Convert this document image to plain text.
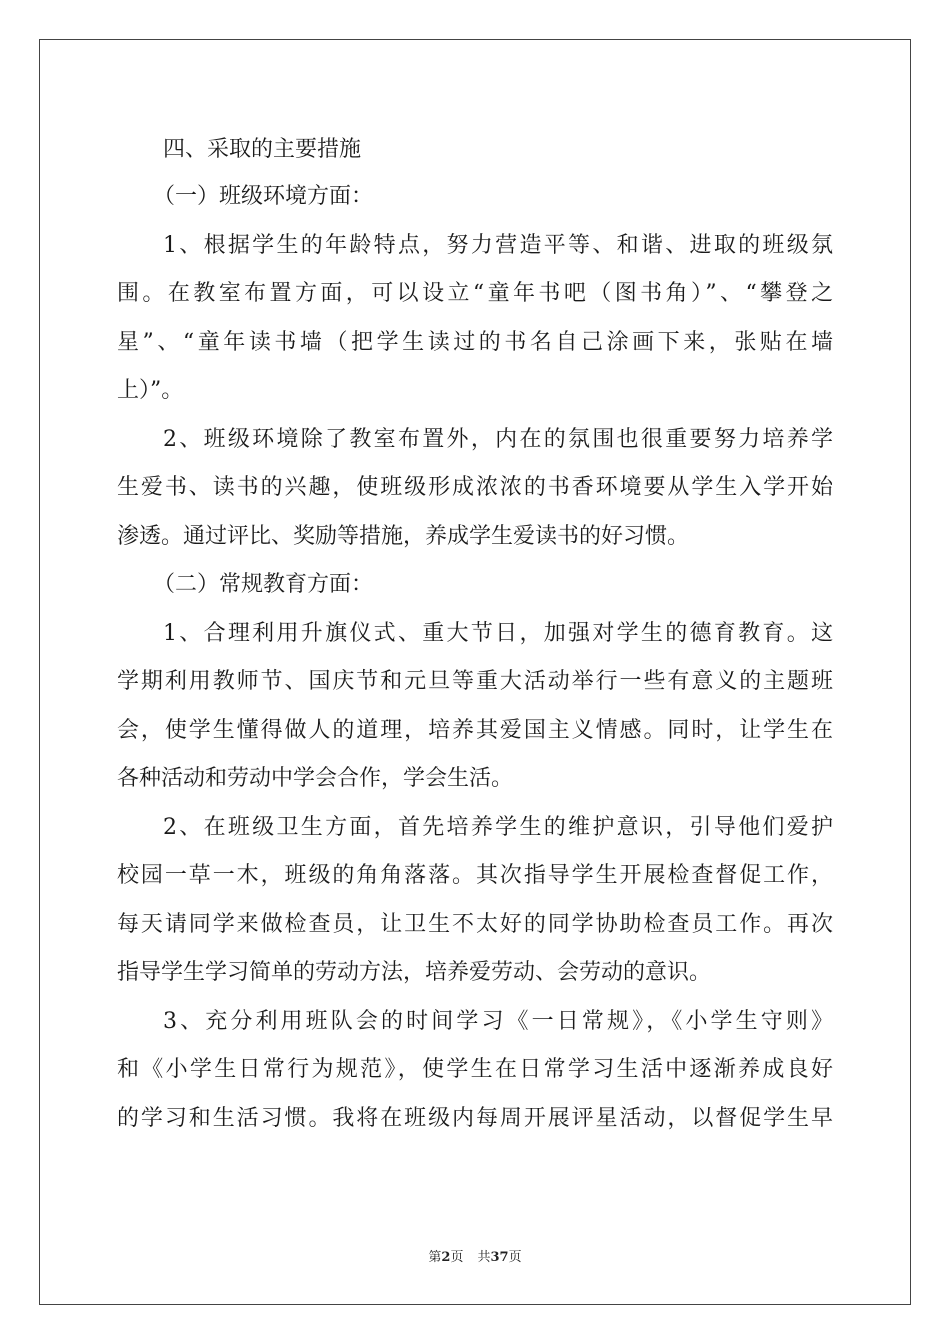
四、采取的主要措施
（一）班级环境方面：
1、根据学生的年龄特点，努力营造平等、和谐、进取的班级氛
围。在教室布置方面，可以设立“童年书吧（图书角）”、“攀登之
星”、“童年读书墙（把学生读过的书名自己涂画下来，张贴在墙
上）”。
2、班级环境除了教室布置外，内在的氛围也很重要努力培养学
生爱书、读书的兴趣，使班级形成浓浓的书香环境要从学生入学开始
渗透。通过评比、奖励等措施，养成学生爱读书的好习惯。
（二）常规教育方面：
1、合理利用升旗仪式、重大节日，加强对学生的德育教育。这
学期利用教师节、国庆节和元旦等重大活动举行一些有意义的主题班
会，使学生懂得做人的道理，培养其爱国主义情感。同时，让学生在
各种活动和劳动中学会合作，学会生活。
2、在班级卫生方面，首先培养学生的维护意识，引导他们爱护
校园一草一木，班级的角角落落。其次指导学生开展检查督促工作，
每天请同学来做检查员，让卫生不太好的同学协助检查员工作。再次
指导学生学习简单的劳动方法，培养爱劳动、会劳动的意识。
3、充分利用班队会的时间学习《一日常规》，《小学生守则》
和《小学生日常行为规范》，使学生在日常学习生活中逐渐养成良好
的学习和生活习惯。我将在班级内每周开展评星活动，以督促学生早
第2页 共37页
